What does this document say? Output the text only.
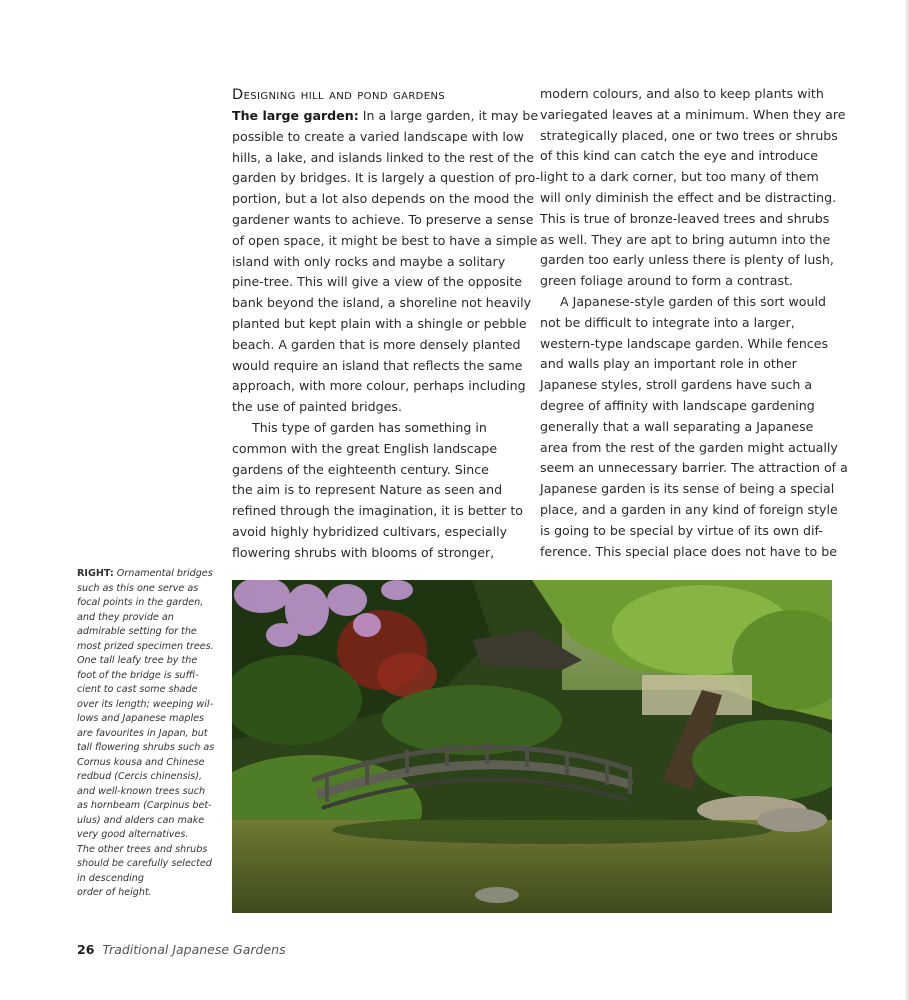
Designing hill and pond gardens
The large garden: In a large garden, it may be
possible to create a varied landscape with low
hills, a lake, and islands linked to the rest of the
garden by bridges. It is largely a question of pro-
portion, but a lot also depends on the mood the
gardener wants to achieve. To preserve a sense
of open space, it might be best to have a simple
island with only rocks and maybe a solitary
pine-tree. This will give a view of the opposite
bank beyond the island, a shoreline not heavily
planted but kept plain with a shingle or pebble
beach. A garden that is more densely planted
would require an island that reflects the same
approach, with more colour, perhaps including
the use of painted bridges.
This type of garden has something in
common with the great English landscape
gardens of the eighteenth century. Since
the aim is to represent Nature as seen and
refined through the imagination, it is better to
avoid highly hybridized cultivars, especially
flowering shrubs with blooms of stronger,
modern colours, and also to keep plants with
variegated leaves at a minimum. When they are
strategically placed, one or two trees or shrubs
of this kind can catch the eye and introduce
light to a dark corner, but too many of them
will only diminish the effect and be distracting.
This is true of bronze-leaved trees and shrubs
as well. They are apt to bring autumn into the
garden too early unless there is plenty of lush,
green foliage around to form a contrast.
A Japanese-style garden of this sort would
not be difficult to integrate into a larger,
western-type landscape garden. While fences
and walls play an important role in other
Japanese styles, stroll gardens have such a
degree of affinity with landscape gardening
generally that a wall separating a Japanese
area from the rest of the garden might actually
seem an unnecessary barrier. The attraction of a
Japanese garden is its sense of being a special
place, and a garden in any kind of foreign style
is going to be special by virtue of its own dif-
ference. This special place does not have to be
RIGHT: Ornamental bridges
such as this one serve as
focal points in the garden,
and they provide an
admirable setting for the
most prized specimen trees.
One tall leafy tree by the
foot of the bridge is suffi-
cient to cast some shade
over its length; weeping wil-
lows and Japanese maples
are favourites in Japan, but
tall flowering shrubs such as
Cornus kousa and Chinese
redbud (Cercis chinensis),
and well-known trees such
as hornbeam (Carpinus bet-
ulus) and alders can make
very good alternatives.
The other trees and shrubs
should be carefully selected
in descending
order of height.
26 Traditional Japanese Gardens
